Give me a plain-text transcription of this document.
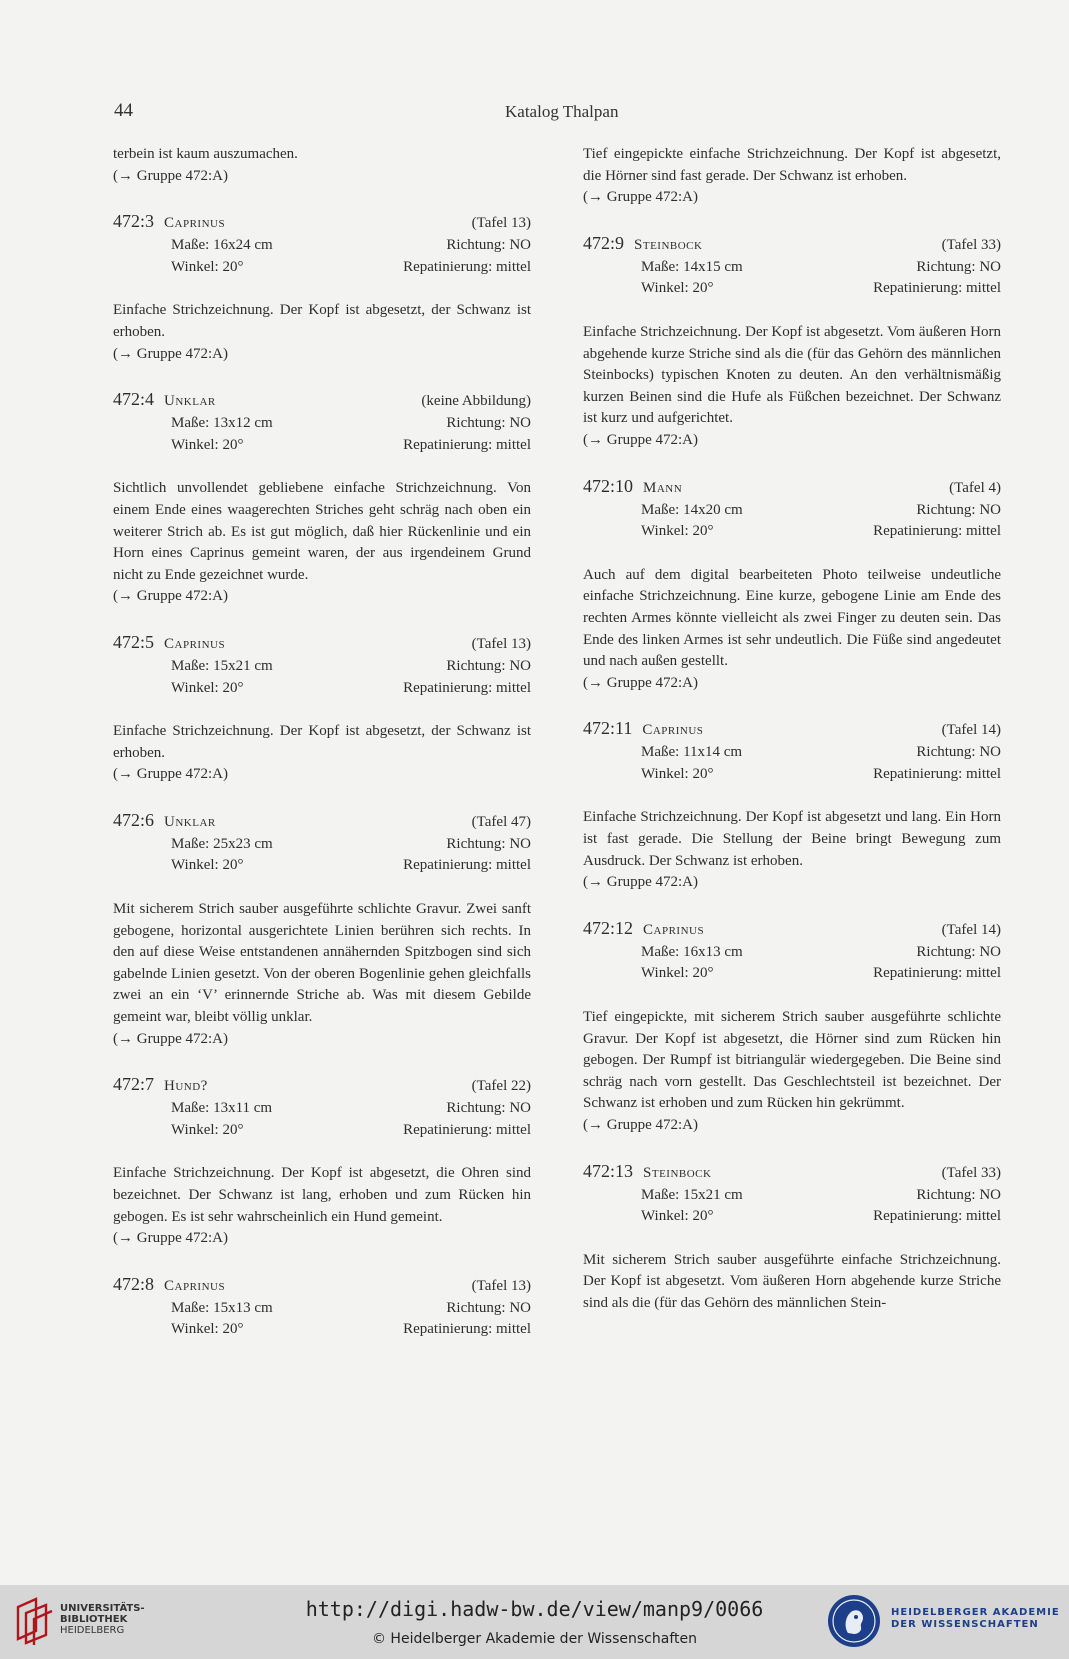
44	Katalog Thalpan
terbein ist kaum auszumachen.
(→ Gruppe 472:A)
472:3 Caprinus	(Tafel 13)
Maße: 16x24 cm	Richtung: NO
Winkel: 20°	Repatinierung: mittel
Einfache Strichzeichnung. Der Kopf ist abgesetzt, der Schwanz ist erhoben.
(→ Gruppe 472:A)
472:4 Unklar	(keine Abbildung)
Maße: 13x12 cm	Richtung: NO
Winkel: 20°	Repatinierung: mittel
Sichtlich unvollendet gebliebene einfache Strichzeichnung. Von einem Ende eines waagerechten Striches geht schräg nach oben ein weiterer Strich ab. Es ist gut möglich, daß hier Rückenlinie und ein Horn eines Caprinus gemeint waren, der aus irgendeinem Grund nicht zu Ende gezeichnet wurde.
(→ Gruppe 472:A)
472:5 Caprinus	(Tafel 13)
Maße: 15x21 cm	Richtung: NO
Winkel: 20°	Repatinierung: mittel
Einfache Strichzeichnung. Der Kopf ist abgesetzt, der Schwanz ist erhoben.
(→ Gruppe 472:A)
472:6 Unklar	(Tafel 47)
Maße: 25x23 cm	Richtung: NO
Winkel: 20°	Repatinierung: mittel
Mit sicherem Strich sauber ausgeführte schlichte Gravur. Zwei sanft gebogene, horizontal ausgerichtete Linien berühren sich rechts. In den auf diese Weise entstandenen annähernden Spitzbogen sind sich gabelnde Linien gesetzt. Von der oberen Bogenlinie gehen gleichfalls zwei an ein ‘V’ erinnernde Striche ab. Was mit diesem Gebilde gemeint war, bleibt völlig unklar.
(→ Gruppe 472:A)
472:7 Hund?	(Tafel 22)
Maße: 13x11 cm	Richtung: NO
Winkel: 20°	Repatinierung: mittel
Einfache Strichzeichnung. Der Kopf ist abgesetzt, die Ohren sind bezeichnet. Der Schwanz ist lang, erhoben und zum Rücken hin gebogen. Es ist sehr wahrscheinlich ein Hund gemeint.
(→ Gruppe 472:A)
472:8 Caprinus	(Tafel 13)
Maße: 15x13 cm	Richtung: NO
Winkel: 20°	Repatinierung: mittel
Tief eingepickte einfache Strichzeichnung. Der Kopf ist abgesetzt, die Hörner sind fast gerade. Der Schwanz ist erhoben.
(→ Gruppe 472:A)
472:9 Steinbock	(Tafel 33)
Maße: 14x15 cm	Richtung: NO
Winkel: 20°	Repatinierung: mittel
Einfache Strichzeichnung. Der Kopf ist abgesetzt. Vom äußeren Horn abgehende kurze Striche sind als die (für das Gehörn des männlichen Steinbocks) typischen Knoten zu deuten. An den verhältnismäßig kurzen Beinen sind die Hufe als Füßchen bezeichnet. Der Schwanz ist kurz und aufgerichtet.
(→ Gruppe 472:A)
472:10 Mann	(Tafel 4)
Maße: 14x20 cm	Richtung: NO
Winkel: 20°	Repatinierung: mittel
Auch auf dem digital bearbeiteten Photo teilweise undeutliche einfache Strichzeichnung. Eine kurze, gebogene Linie am Ende des rechten Armes könnte vielleicht als zwei Finger zu deuten sein. Das Ende des linken Armes ist sehr undeutlich. Die Füße sind angedeutet und nach außen gestellt.
(→ Gruppe 472:A)
472:11 Caprinus	(Tafel 14)
Maße: 11x14 cm	Richtung: NO
Winkel: 20°	Repatinierung: mittel
Einfache Strichzeichnung. Der Kopf ist abgesetzt und lang. Ein Horn ist fast gerade. Die Stellung der Beine bringt Bewegung zum Ausdruck. Der Schwanz ist erhoben.
(→ Gruppe 472:A)
472:12 Caprinus	(Tafel 14)
Maße: 16x13 cm	Richtung: NO
Winkel: 20°	Repatinierung: mittel
Tief eingepickte, mit sicherem Strich sauber ausgeführte schlichte Gravur. Der Kopf ist abgesetzt, die Hörner sind zum Rücken hin gebogen. Der Rumpf ist bitriangulär wiedergegeben. Die Beine sind schräg nach vorn gestellt. Das Geschlechtsteil ist bezeichnet. Der Schwanz ist erhoben und zum Rücken hin gekrümmt.
(→ Gruppe 472:A)
472:13 Steinbock	(Tafel 33)
Maße: 15x21 cm	Richtung: NO
Winkel: 20°	Repatinierung: mittel
Mit sicherem Strich sauber ausgeführte einfache Strichzeichnung. Der Kopf ist abgesetzt. Vom äußeren Horn abgehende kurze Striche sind als die (für das Gehörn des männlichen Stein-
UNIVERSITÄTS-
BIBLIOTHEK
HEIDELBERG
http://digi.hadw-bw.de/view/manp9/0066
© Heidelberger Akademie der Wissenschaften
HEIDELBERGER AKADEMIE
DER WISSENSCHAFTEN
